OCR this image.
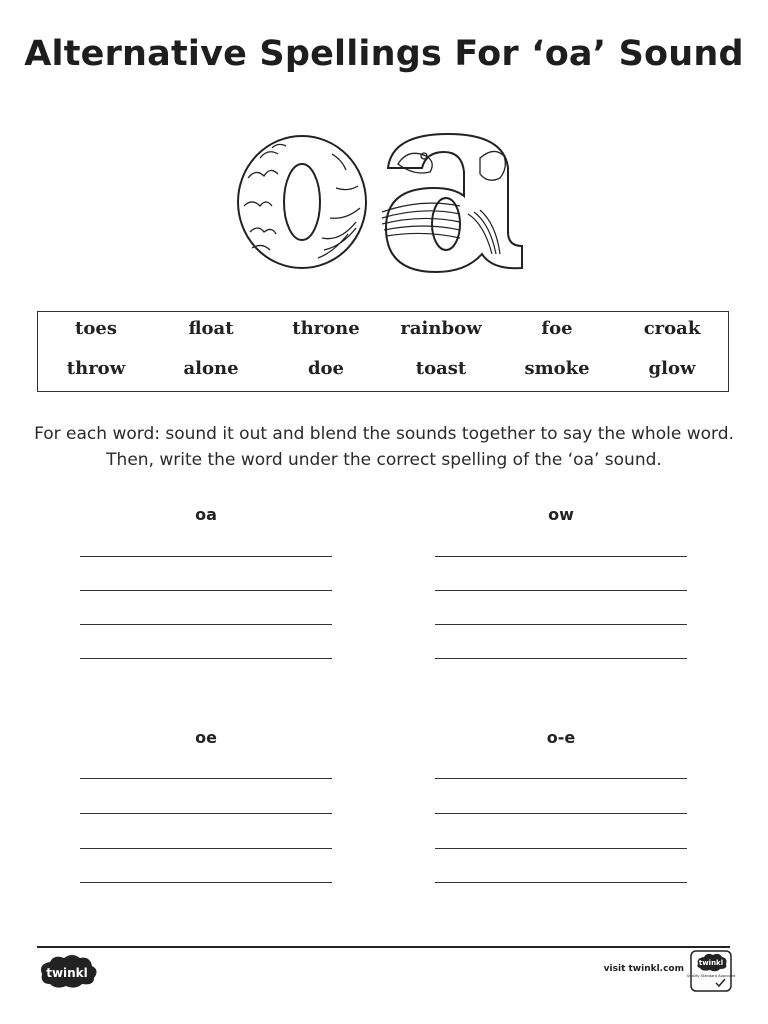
Alternative Spellings For ‘oa’ Sound
toes	float	throne	rainbow	foe	croak
throw	alone	doe	toast	smoke	glow
For each word: sound it out and blend the sounds together to say the whole word. Then, write the word under the correct spelling of the ‘oa’ sound.
oa	ow
oe	o-e
twinkl	visit twinkl.com
twinkl
Quality Standard Approved
